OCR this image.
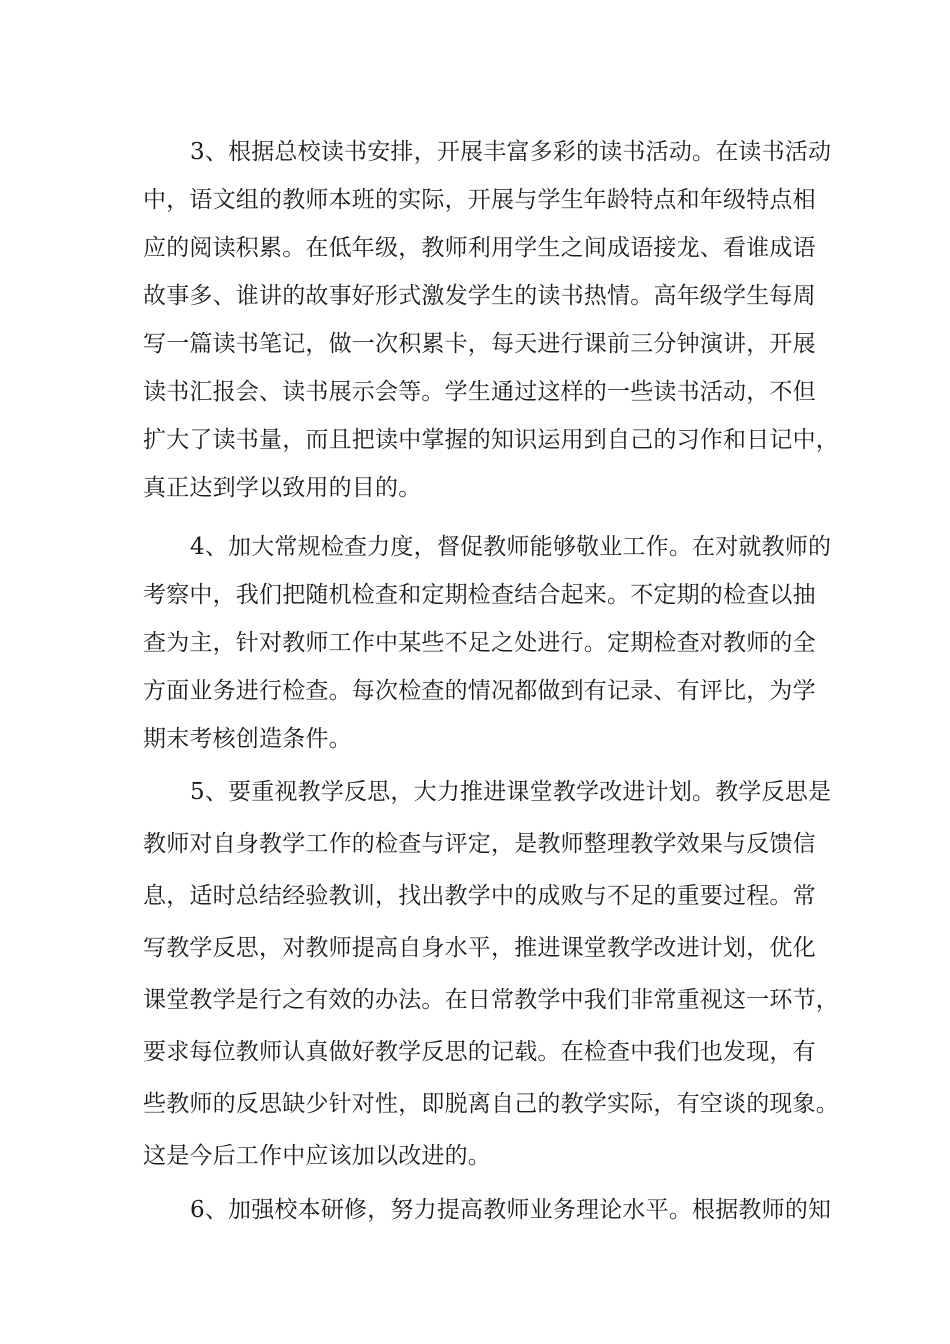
3、根据总校读书安排，开展丰富多彩的读书活动。在读书活动
中，语文组的教师本班的实际，开展与学生年龄特点和年级特点相
应的阅读积累。在低年级，教师利用学生之间成语接龙、看谁成语
故事多、谁讲的故事好形式激发学生的读书热情。高年级学生每周
写一篇读书笔记，做一次积累卡，每天进行课前三分钟演讲，开展
读书汇报会、读书展示会等。学生通过这样的一些读书活动，不但
扩大了读书量，而且把读中掌握的知识运用到自己的习作和日记中，
真正达到学以致用的目的。
4、加大常规检查力度，督促教师能够敬业工作。在对就教师的
考察中，我们把随机检查和定期检查结合起来。不定期的检查以抽
查为主，针对教师工作中某些不足之处进行。定期检查对教师的全
方面业务进行检查。每次检查的情况都做到有记录、有评比，为学
期末考核创造条件。
5、要重视教学反思，大力推进课堂教学改进计划。教学反思是
教师对自身教学工作的检查与评定，是教师整理教学效果与反馈信
息，适时总结经验教训，找出教学中的成败与不足的重要过程。常
写教学反思，对教师提高自身水平，推进课堂教学改进计划，优化
课堂教学是行之有效的办法。在日常教学中我们非常重视这一环节，
要求每位教师认真做好教学反思的记载。在检查中我们也发现，有
些教师的反思缺少针对性，即脱离自己的教学实际，有空谈的现象。
这是今后工作中应该加以改进的。
6、加强校本研修，努力提高教师业务理论水平。根据教师的知
